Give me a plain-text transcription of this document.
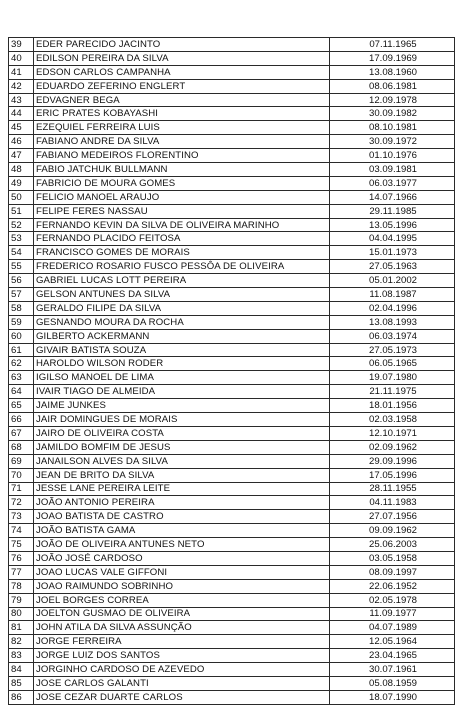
39	EDER PARECIDO JACINTO	07.11.1965
40	EDILSON PEREIRA DA SILVA	17.09.1969
41	EDSON CARLOS CAMPANHA	13.08.1960
42	EDUARDO ZEFERINO ENGLERT	08.06.1981
43	EDVAGNER BEGA	12.09.1978
44	ERIC PRATES KOBAYASHI	30.09.1982
45	EZEQUIEL FERREIRA LUIS	08.10.1981
46	FABIANO ANDRE DA SILVA	30.09.1972
47	FABIANO MEDEIROS FLORENTINO	01.10.1976
48	FABIO JATCHUK BULLMANN	03.09.1981
49	FABRICIO DE MOURA GOMES	06.03.1977
50	FELICIO MANOEL ARAUJO	14.07.1966
51	FELIPE FERES NASSAU	29.11.1985
52	FERNANDO KEVIN DA SILVA DE OLIVEIRA MARINHO	13.05.1996
53	FERNANDO PLACIDO FEITOSA	04.04.1995
54	FRANCISCO GOMES DE MORAIS	15.01.1973
55	FREDERICO ROSARIO FUSCO PESSÔA DE OLIVEIRA	27.05.1963
56	GABRIEL LUCAS LOTT PEREIRA	05.01.2002
57	GELSON ANTUNES DA SILVA	11.08.1987
58	GERALDO FILIPE DA SILVA	02.04.1996
59	GESNANDO MOURA DA ROCHA	13.08.1993
60	GILBERTO ACKERMANN	06.03.1974
61	GIVAIR BATISTA SOUZA	27.05.1973
62	HAROLDO WILSON RODER	06.05.1965
63	IGILSO MANOEL DE LIMA	19.07.1980
64	IVAIR TIAGO DE ALMEIDA	21.11.1975
65	JAIME JUNKES	18.01.1956
66	JAIR DOMINGUES DE MORAIS	02.03.1958
67	JAIRO DE OLIVEIRA COSTA	12.10.1971
68	JAMILDO BOMFIM DE JESUS	02.09.1962
69	JANAILSON ALVES DA SILVA	29.09.1996
70	JEAN DE BRITO DA SILVA	17.05.1996
71	JESSE LANE PEREIRA LEITE	28.11.1955
72	JOÃO ANTONIO PEREIRA	04.11.1983
73	JOAO BATISTA DE CASTRO	27.07.1956
74	JOÃO BATISTA GAMA	09.09.1962
75	JOÃO DE OLIVEIRA ANTUNES NETO	25.06.2003
76	JOÃO JOSÉ CARDOSO	03.05.1958
77	JOAO LUCAS VALE GIFFONI	08.09.1997
78	JOAO RAIMUNDO SOBRINHO	22.06.1952
79	JOEL BORGES CORREA	02.05.1978
80	JOELTON GUSMAO DE OLIVEIRA	11.09.1977
81	JOHN ATILA DA SILVA ASSUNÇÃO	04.07.1989
82	JORGE FERREIRA	12.05.1964
83	JORGE LUIZ DOS SANTOS	23.04.1965
84	JORGINHO CARDOSO DE AZEVEDO	30.07.1961
85	JOSE CARLOS GALANTI	05.08.1959
86	JOSE CEZAR DUARTE CARLOS	18.07.1990
